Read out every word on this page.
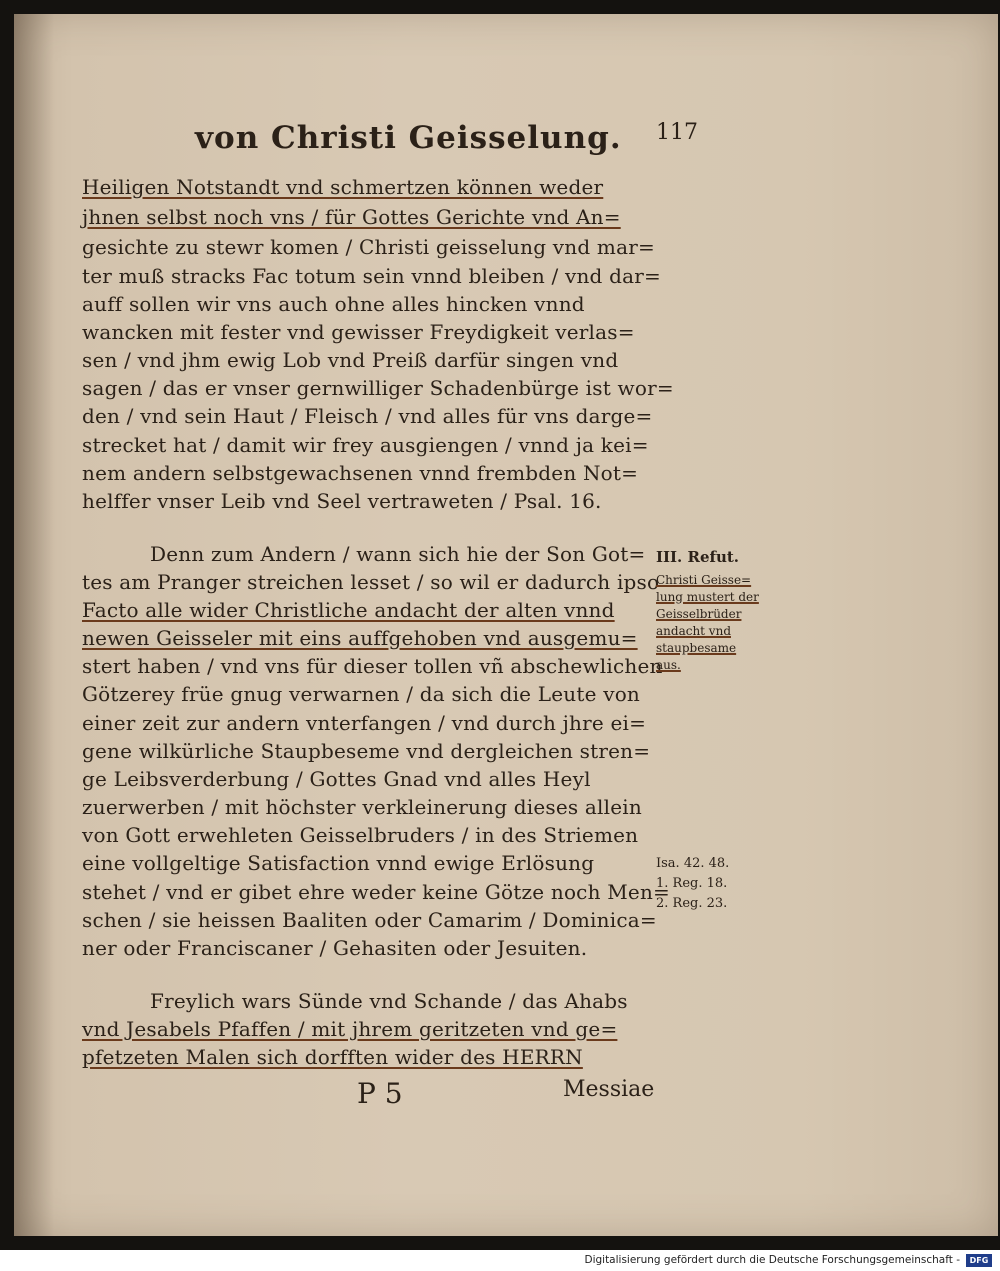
von Christi Geisselung. 117
Heiligen Notstandt vnd schmertzen können weder
jhnen selbst noch vns / für Gottes Gerichte vnd An=
gesichte zu stewr komen / Christi geisselung vnd mar=
ter muß stracks Fac totum sein vnnd bleiben / vnd dar=
auff sollen wir vns auch ohne alles hincken vnnd
wancken mit fester vnd gewisser Freydigkeit verlas=
sen / vnd jhm ewig Lob vnd Preiß darfür singen vnd
sagen / das er vnser gernwilliger Schadenbürge ist wor=
den / vnd sein Haut / Fleisch / vnd alles für vns darge=
strecket hat / damit wir frey ausgiengen / vnnd ja kei=
nem andern selbstgewachsenen vnnd frembden Not=
helffer vnser Leib vnd Seel vertraweten / Psal. 16.
Denn zum Andern / wann sich hie der Son Got=
tes am Pranger streichen lesset / so wil er dadurch ipso
Facto alle wider Christliche andacht der alten vnnd
newen Geisseler mit eins auffgehoben vnd ausgemu=
stert haben / vnd vns für dieser tollen vñ abschewlichen
Götzerey früe gnug verwarnen / da sich die Leute von
einer zeit zur andern vnterfangen / vnd durch jhre ei=
gene wilkürliche Staupbeseme vnd dergleichen stren=
ge Leibsverderbung / Gottes Gnad vnd alles Heyl
zuerwerben / mit höchster verkleinerung dieses allein
von Gott erwehleten Geisselbruders / in des Striemen
eine vollgeltige Satisfaction vnnd ewige Erlösung
stehet / vnd er gibet ehre weder keine Götze noch Men=
schen / sie heissen Baaliten oder Camarim / Dominica=
ner oder Franciscaner / Gehasiten oder Jesuiten.
Freylich wars Sünde vnd Schande / das Ahabs
vnd Jesabels Pfaffen / mit jhrem geritzeten vnd ge=
pfetzeten Malen sich dorfften wider des HERRN
III. Refut.
Christi Geisse=
lung mustert der
Geisselbrüder
andacht vnd
staupbesame
aus.
Isa. 42. 48.
1. Reg. 18.
2. Reg. 23.
P 5	Messiae
Digitalisierung gefördert durch die Deutsche Forschungsgemeinschaft -	DFG
